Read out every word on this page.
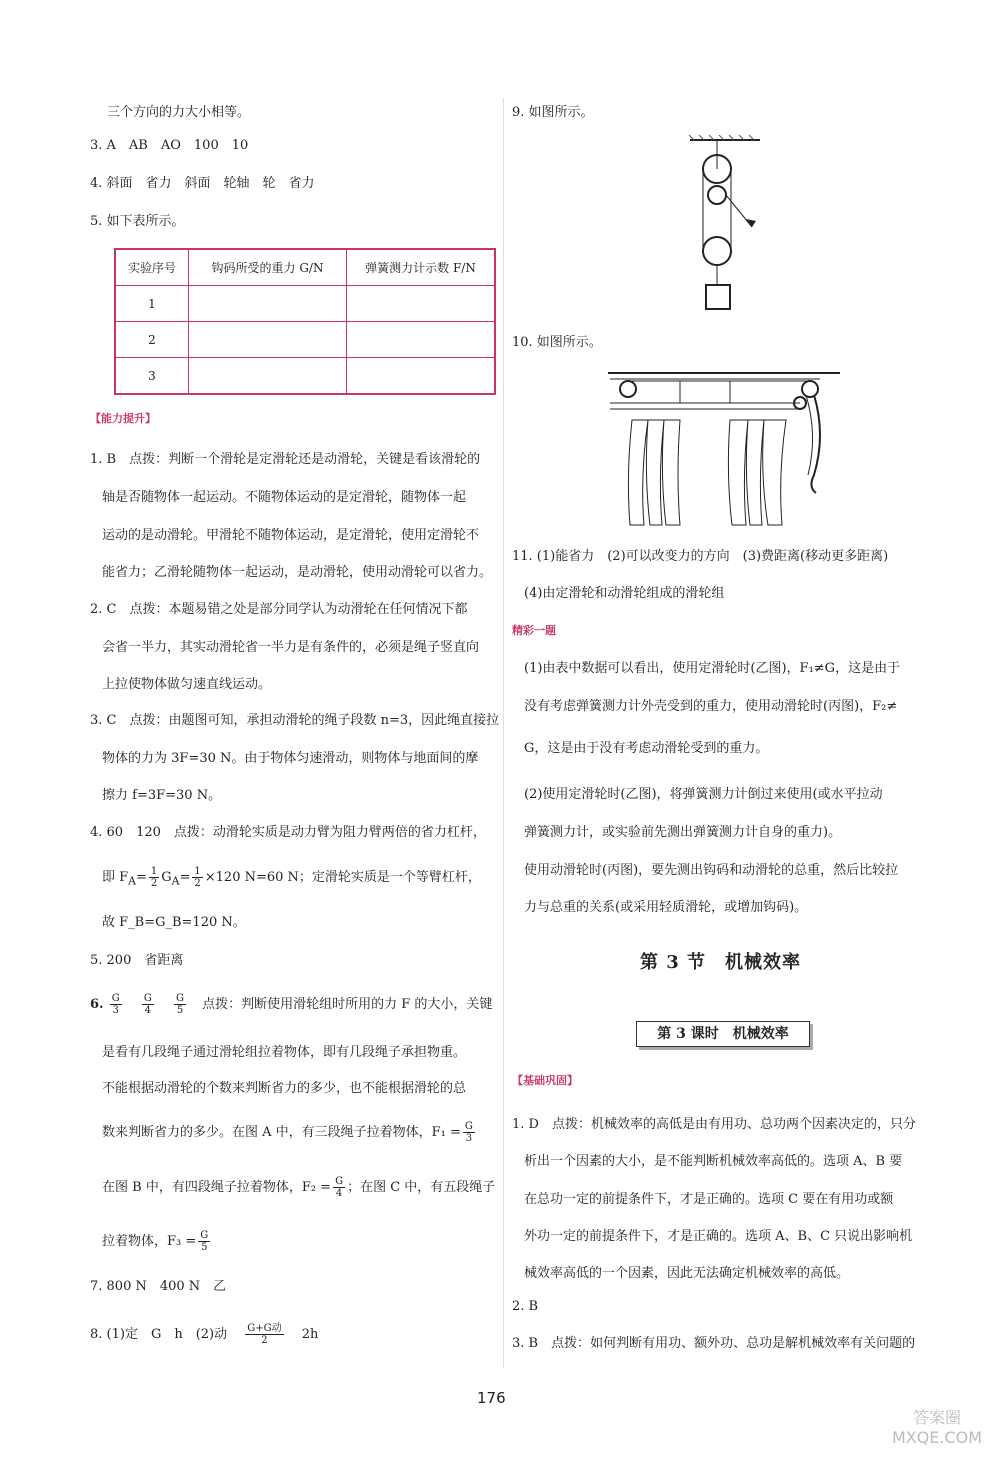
三个方向的力大小相等。
3. A　AB　AO　100　10
4. 斜面　省力　斜面　轮轴　轮　省力
5. 如下表所示。
实验序号	钩码所受的重力 G/N	弹簧测力计示数 F/N
1		
2		
3		
【能力提升】
1. B　点拨：判断一个滑轮是定滑轮还是动滑轮，关键是看该滑轮的
轴是否随物体一起运动。不随物体运动的是定滑轮，随物体一起
运动的是动滑轮。甲滑轮不随物体运动，是定滑轮，使用定滑轮不
能省力；乙滑轮随物体一起运动，是动滑轮，使用动滑轮可以省力。
2. C　点拨：本题易错之处是部分同学认为动滑轮在任何情况下都
会省一半力，其实动滑轮省一半力是有条件的，必须是绳子竖直向
上拉使物体做匀速直线运动。
3. C　点拨：由题图可知，承担动滑轮的绳子段数 n=3，因此绳直接拉
物体的力为 3F=30 N。由于物体匀速滑动，则物体与地面间的摩
擦力 f=3F=30 N。
4. 60　120　点拨：动滑轮实质是动力臂为阻力臂两倍的省力杠杆，
即 $F_A= \frac{1}{2} G_A= \frac{1}{2} \times 120$ N=60 N；定滑轮实质是一个等臂杠杆，
故 F_B=G_B=120 N。
5. 200　省距离
6. $\frac{G}{3}$
$\frac{G}{4}$
$\frac{G}{5}$ 点拨：判断使用滑轮组时所用的力 F 的大小，关键
是看有几段绳子通过滑轮组拉着物体，即有几段绳子承担物重。
不能根据动滑轮的个数来判断省力的多少，也不能根据滑轮的总
数来判断省力的多少。在图 A 中，有三段绳子拉着物体，$F_1 = \frac{G}{3}$
在图 B 中，有四段绳子拉着物体，$F_2 = \frac{G}{4}$ ；在图 C 中，有五段绳子
拉着物体，$F_3 = \frac{G}{5}$
7. 800 N　400 N　乙
8. (1)定　G　h　(2)动 $\frac{\text{G+G动}}{2} 2h$
9. 如图所示。
10. 如图所示。
11. (1)能省力　(2)可以改变力的方向　(3)费距离(移动更多距离)
(4)由定滑轮和动滑轮组成的滑轮组
精彩一题
(1)由表中数据可以看出，使用定滑轮时(乙图)，F₁≠G，这是由于
没有考虑弹簧测力计外壳受到的重力，使用动滑轮时(丙图)，F₂≠
G，这是由于没有考虑动滑轮受到的重力。
(2)使用定滑轮时(乙图)，将弹簧测力计倒过来使用(或水平拉动
弹簧测力计，或实验前先测出弹簧测力计自身的重力)。
使用动滑轮时(丙图)，要先测出钩码和动滑轮的总重，然后比较拉
力与总重的关系(或采用轻质滑轮，或增加钩码)。
第 3 节　机械效率
第 3 课时　机械效率
【基础巩固】
1. D　点拨：机械效率的高低是由有用功、总功两个因素决定的，只分
析出一个因素的大小，是不能判断机械效率高低的。选项 A、B 要
在总功一定的前提条件下，才是正确的。选项 C 要在有用功或额
外功一定的前提条件下，才是正确的。选项 A、B、C 只说出影响机
械效率高低的一个因素，因此无法确定机械效率的高低。
2. B
3. B　点拨：如何判断有用功、额外功、总功是解机械效率有关问题的
176
答案圈 MXQE.COM
